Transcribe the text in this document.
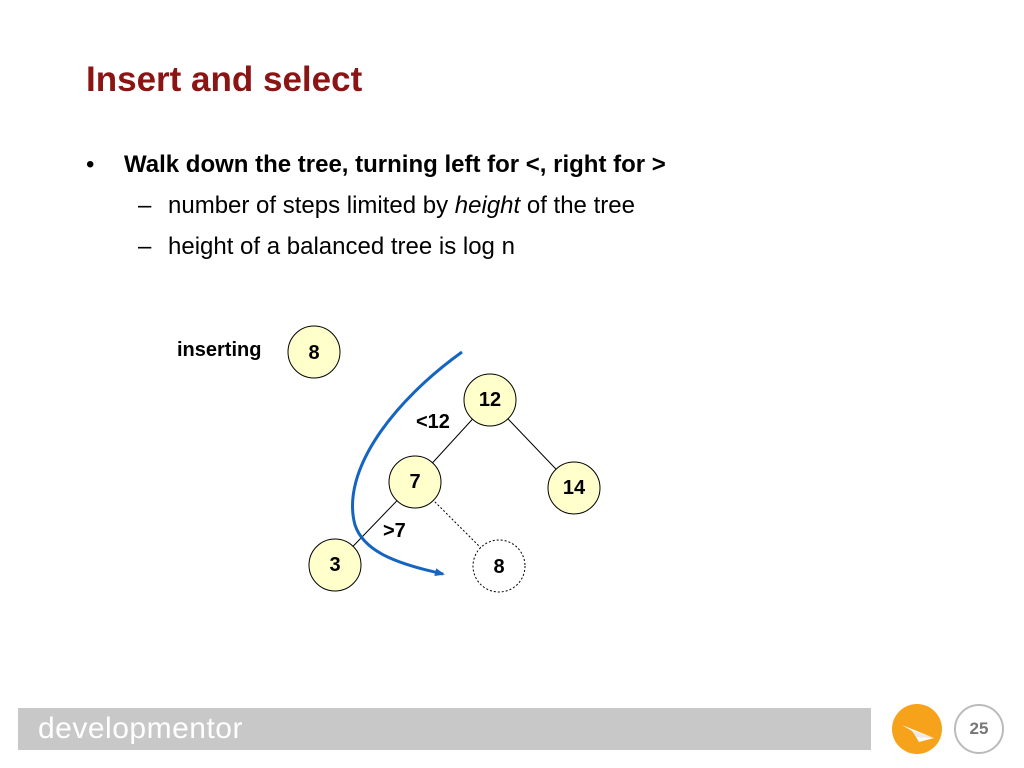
Insert and select
• Walk down the tree, turning left for <, right for >
– number of steps limited by height of the tree
– height of a balanced tree is log n
inserting 8
12
7	14
3	8
<12
>7
developmentor	25
